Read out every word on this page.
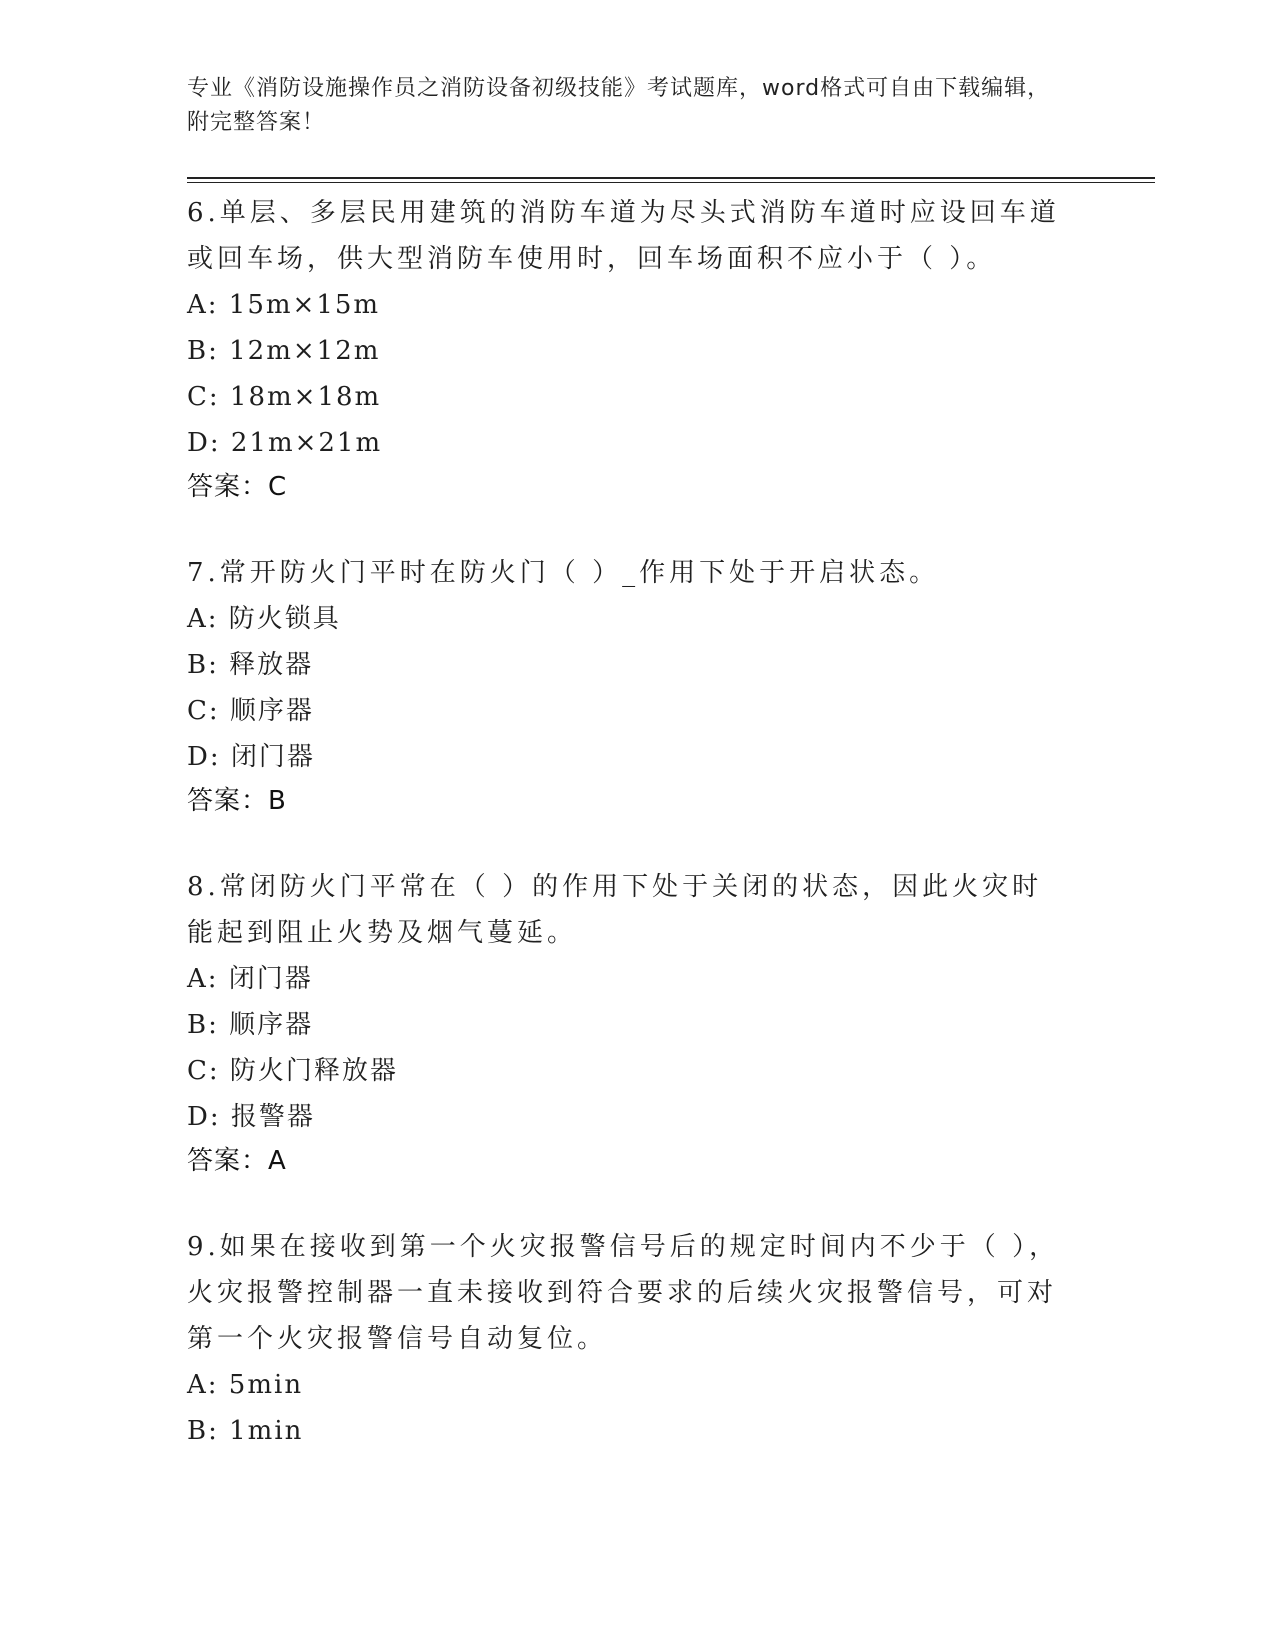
专业《消防设施操作员之消防设备初级技能》考试题库，word格式可自由下载编辑，附完整答案！
6.单层、多层民用建筑的消防车道为尽头式消防车道时应设回车道或回车场，供大型消防车使用时，回车场面积不应小于（ ）。
A: 15m×15m
B: 12m×12m
C: 18m×18m
D: 21m×21m
答案：C
7.常开防火门平时在防火门（ ）_作用下处于开启状态。
A: 防火锁具
B: 释放器
C: 顺序器
D: 闭门器
答案：B
8.常闭防火门平常在（ ）的作用下处于关闭的状态，因此火灾时能起到阻止火势及烟气蔓延。
A: 闭门器
B: 顺序器
C: 防火门释放器
D: 报警器
答案：A
9.如果在接收到第一个火灾报警信号后的规定时间内不少于（ ），火灾报警控制器一直未接收到符合要求的后续火灾报警信号，可对第一个火灾报警信号自动复位。
A: 5min
B: 1min
